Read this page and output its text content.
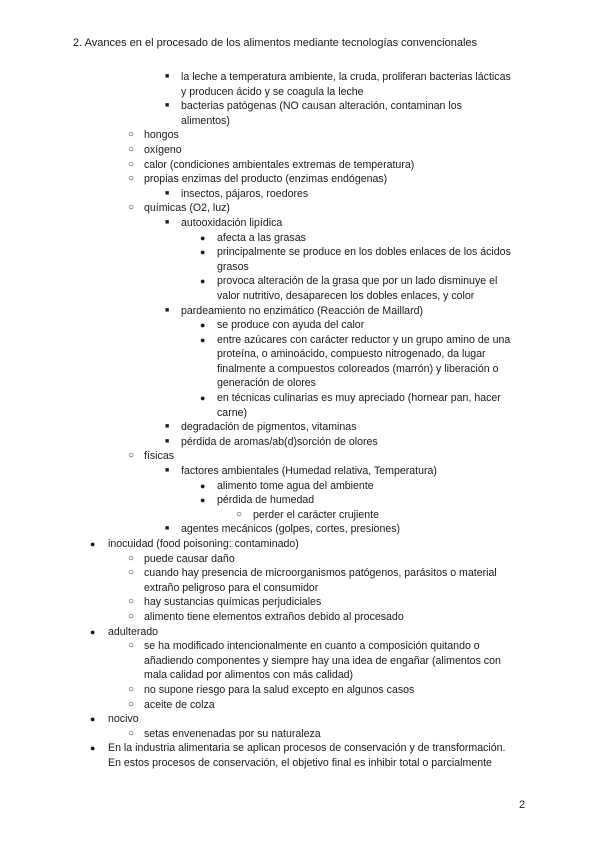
2. Avances en el procesado de los alimentos mediante tecnologías convencionales
■ la leche a temperatura ambiente, la cruda, proliferan bacterias lácticas
y producen ácido y se coagula la leche
■ bacterias patógenas (NO causan alteración, contaminan los
alimentos)
○ hongos
○ oxígeno
○ calor (condiciones ambientales extremas de temperatura)
○ propias enzimas del producto (enzimas endógenas)
■ insectos, pájaros, roedores
○ químicas (O2, luz)
■ autooxidación lipídica
● afecta a las grasas
● principalmente se produce en los dobles enlaces de los ácidos
grasos
● provoca alteración de la grasa que por un lado disminuye el
valor nutritivo, desaparecen los dobles enlaces, y color
■ pardeamiento no enzimático (Reacción de Maillard)
● se produce con ayuda del calor
● entre azúcares con carácter reductor y un grupo amino de una
proteína, o aminoácido, compuesto nitrogenado, da lugar
finalmente a compuestos coloreados (marrón) y liberación o
generación de olores
● en técnicas culinarias es muy apreciado (hornear pan, hacer
carne)
■ degradación de pigmentos, vitaminas
■ pérdida de aromas/ab(d)sorción de olores
○ físicas
■ factores ambientales (Humedad relativa, Temperatura)
● alimento tome agua del ambiente
● pérdida de humedad
○ perder el carácter crujiente
■ agentes mecánicos (golpes, cortes, presiones)
● inocuidad (food poisoning: contaminado)
○ puede causar daño
○ cuando hay presencia de microorganismos patógenos, parásitos o material
extraño peligroso para el consumidor
○ hay sustancias químicas perjudiciales
○ alimento tiene elementos extraños debido al procesado
● adulterado
○ se ha modificado intencionalmente en cuanto a composición quitando o
añadiendo componentes y siempre hay una idea de engañar (alimentos con
mala calidad por alimentos con más calidad)
○ no supone riesgo para la salud excepto en algunos casos
○ aceite de colza
● nocivo
○ setas envenenadas por su naturaleza
● En la industria alimentaria se aplican procesos de conservación y de transformación.
En estos procesos de conservación, el objetivo final es inhibir total o parcialmente
2
